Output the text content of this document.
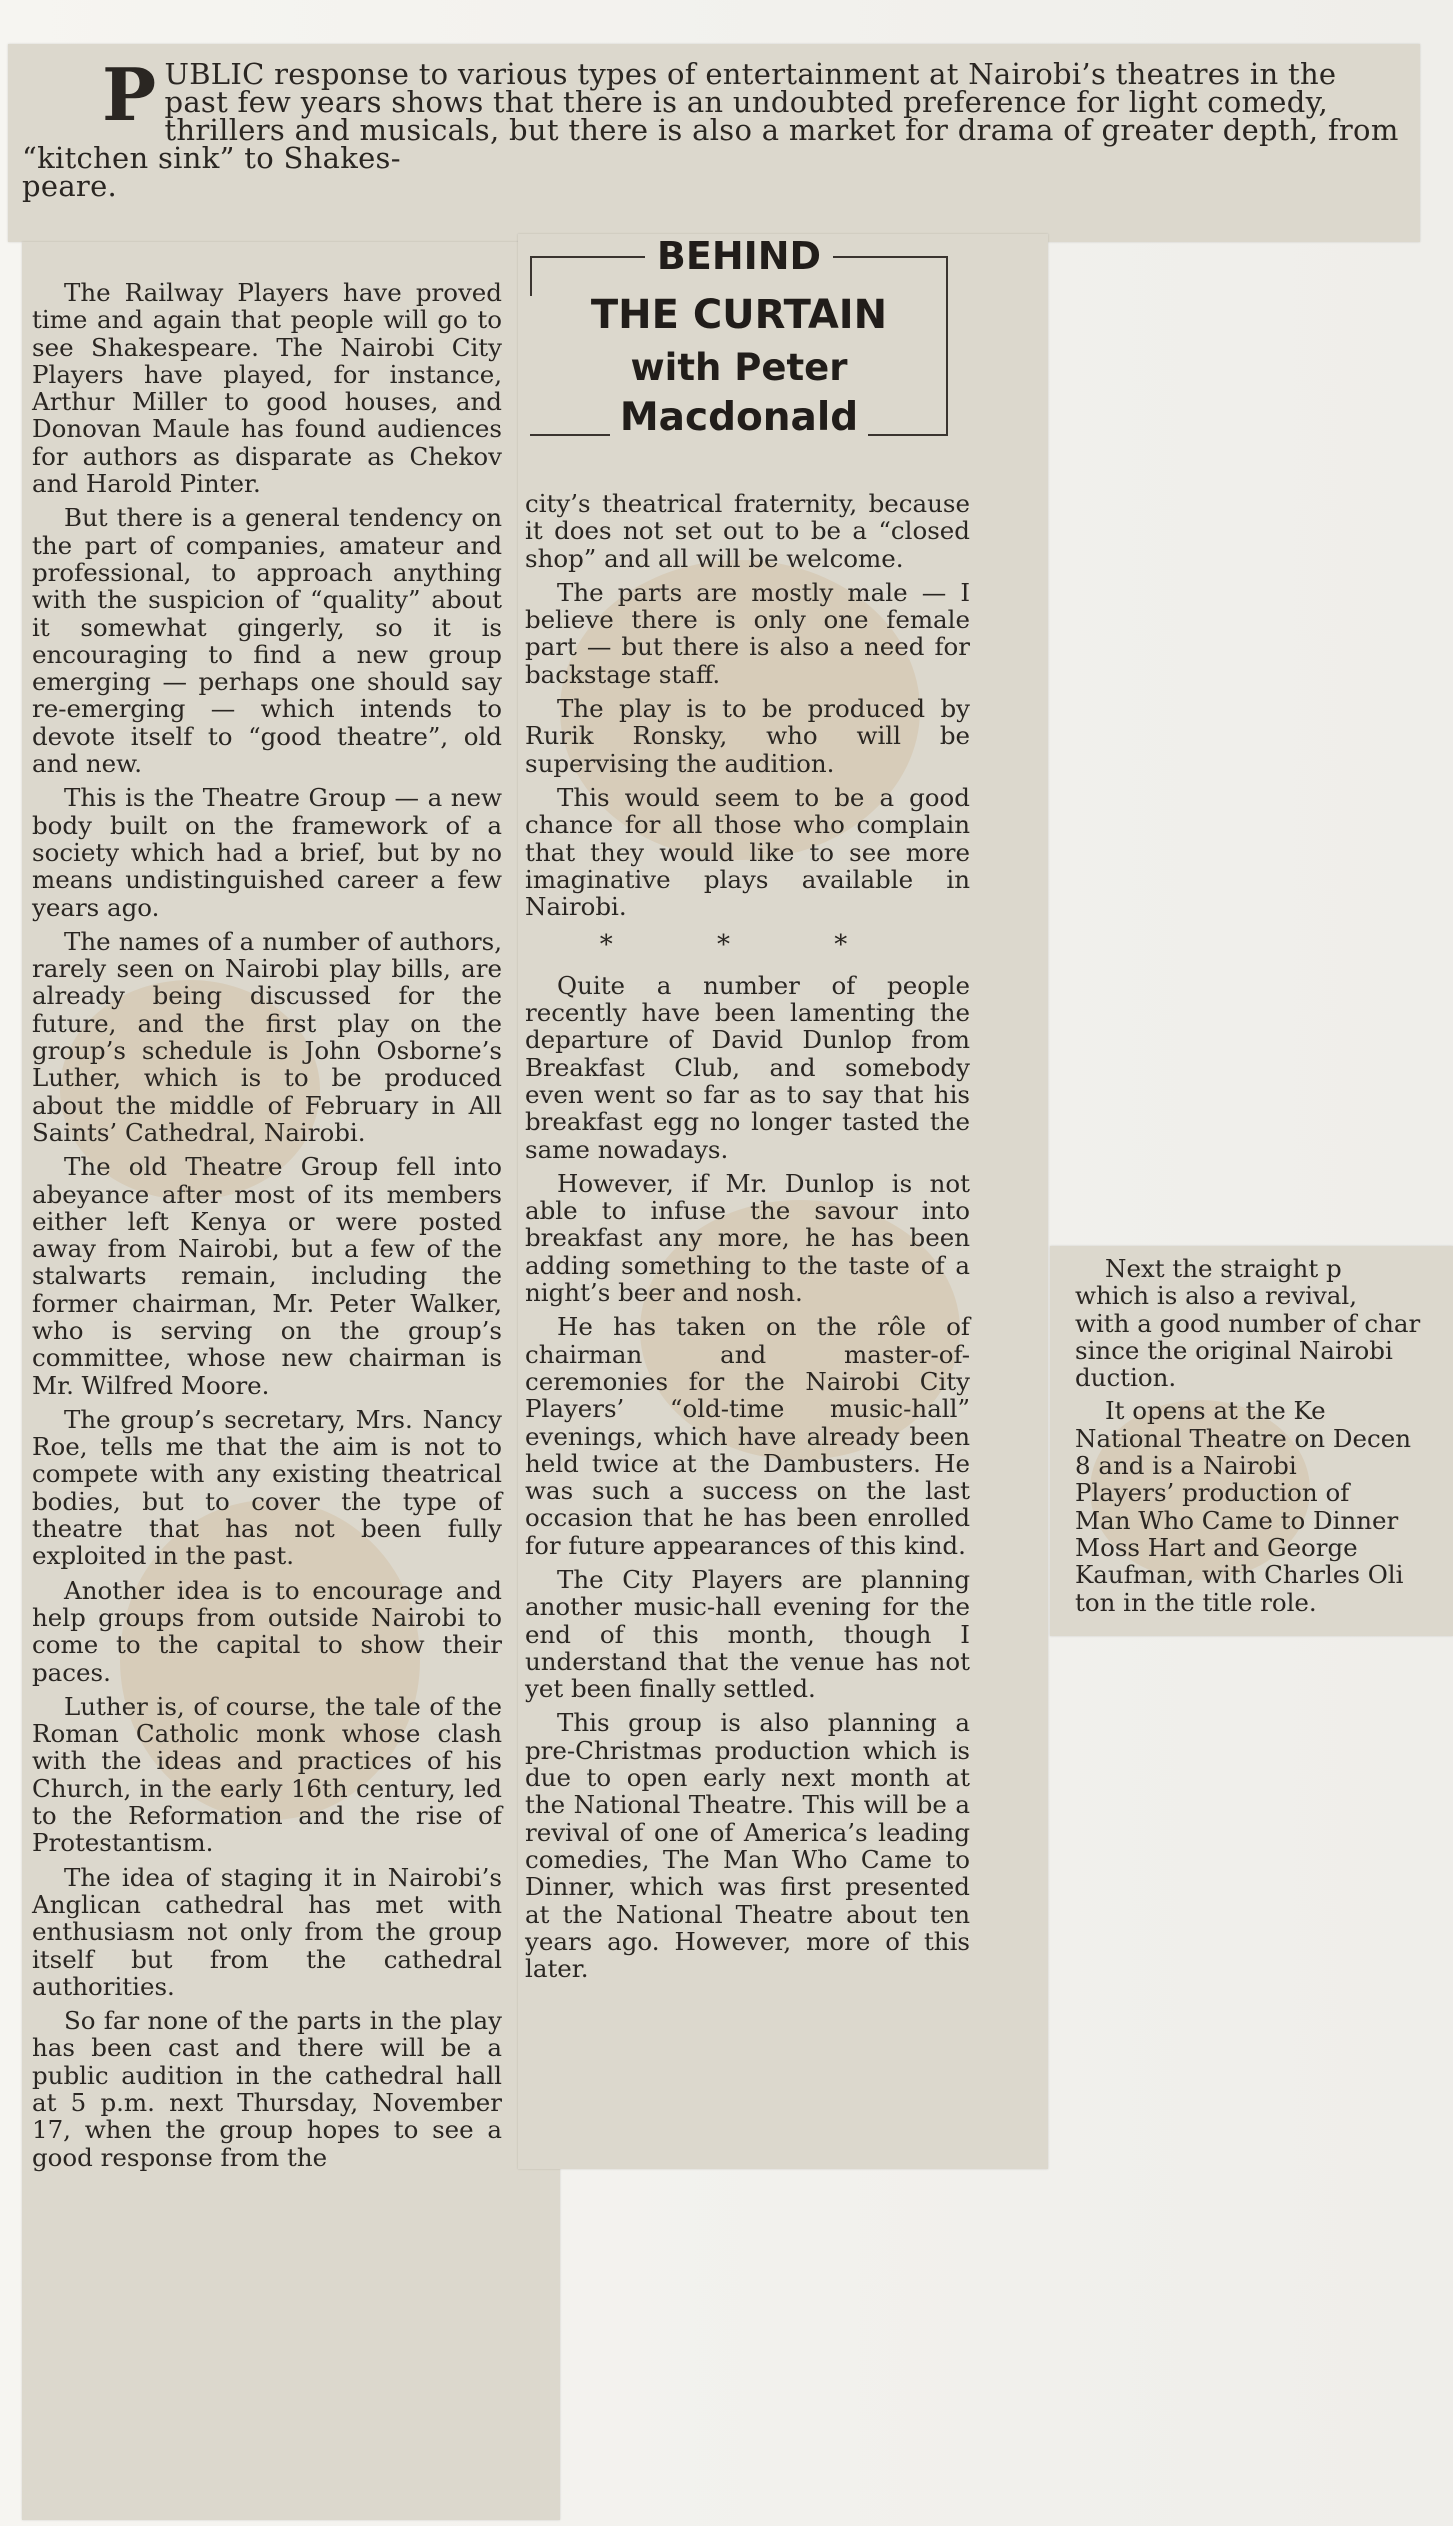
P UBLIC response to various types of entertainment at Nairobi’s theatres in the past few years shows that there is an undoubted preference for light comedy, thrillers and musicals, but there is also a market for drama of greater depth, from “kitchen sink” to Shakes-
peare.
BEHIND
THE CURTAIN
with Peter
Macdonald

The Railway Players have proved time and again that people will go to see Shakespeare. The Nairobi City Players have played, for instance, Arthur Miller to good houses, and Donovan Maule has found audiences for authors as disparate as Chekov and Harold Pinter.

But there is a general tendency on the part of companies, amateur and professional, to approach anything with the suspicion of “quality” about it somewhat gingerly, so it is encouraging to find a new group emerging — perhaps one should say re-emerging — which intends to devote itself to “good theatre”, old and new.

This is the Theatre Group — a new body built on the framework of a society which had a brief, but by no means undistinguished career a few years ago.

The names of a number of authors, rarely seen on Nairobi play bills, are already being discussed for the future, and the first play on the group’s schedule is John Osborne’s Luther, which is to be produced about the middle of February in All Saints’ Cathedral, Nairobi.

The old Theatre Group fell into abeyance after most of its members either left Kenya or were posted away from Nairobi, but a few of the stalwarts remain, including the former chairman, Mr. Peter Walker, who is serving on the group’s committee, whose new chairman is Mr. Wilfred Moore.

The group’s secretary, Mrs. Nancy Roe, tells me that the aim is not to compete with any existing theatrical bodies, but to cover the type of theatre that has not been fully exploited in the past.

Another idea is to encourage and help groups from outside Nairobi to come to the capital to show their paces.

Luther is, of course, the tale of the Roman Catholic monk whose clash with the ideas and practices of his Church, in the early 16th century, led to the Reformation and the rise of Protestantism.

The idea of staging it in Nairobi’s Anglican cathedral has met with enthusiasm not only from the group itself but from the cathedral authorities.

So far none of the parts in the play has been cast and there will be a public audition in the cathedral hall at 5 p.m. next Thursday, November 17, when the group hopes to see a good response from the

city’s theatrical fraternity, because it does not set out to be a “closed shop” and all will be welcome.

The parts are mostly male — I believe there is only one female part — but there is also a need for backstage staff.

The play is to be produced by Rurik Ronsky, who will be supervising the audition.

This would seem to be a good chance for all those who complain that they would like to see more imaginative plays available in Nairobi.

* * *

Quite a number of people recently have been lamenting the departure of David Dunlop from Breakfast Club, and somebody even went so far as to say that his breakfast egg no longer tasted the same nowadays.

However, if Mr. Dunlop is not able to infuse the savour into breakfast any more, he has been adding something to the taste of a night’s beer and nosh.

He has taken on the rôle of chairman and master-of-ceremonies for the Nairobi City Players’ “old-time music-hall” evenings, which have already been held twice at the Dambusters. He was such a success on the last occasion that he has been enrolled for future appearances of this kind.

The City Players are planning another music-hall evening for the end of this month, though I understand that the venue has not yet been finally settled.

This group is also planning a pre-Christmas production which is due to open early next month at the National Theatre. This will be a revival of one of America’s leading comedies, The Man Who Came to Dinner, which was first presented at the National Theatre about ten years ago. However, more of this later.

Next the straight p

which is also a revival,

with a good number of char

since the original Nairobi

duction.

It opens at the Ke

National Theatre on Decen

8 and is a Nairobi

Players’ production of

Man Who Came to Dinner

Moss Hart and George

Kaufman, with Charles Oli

ton in the title role.
